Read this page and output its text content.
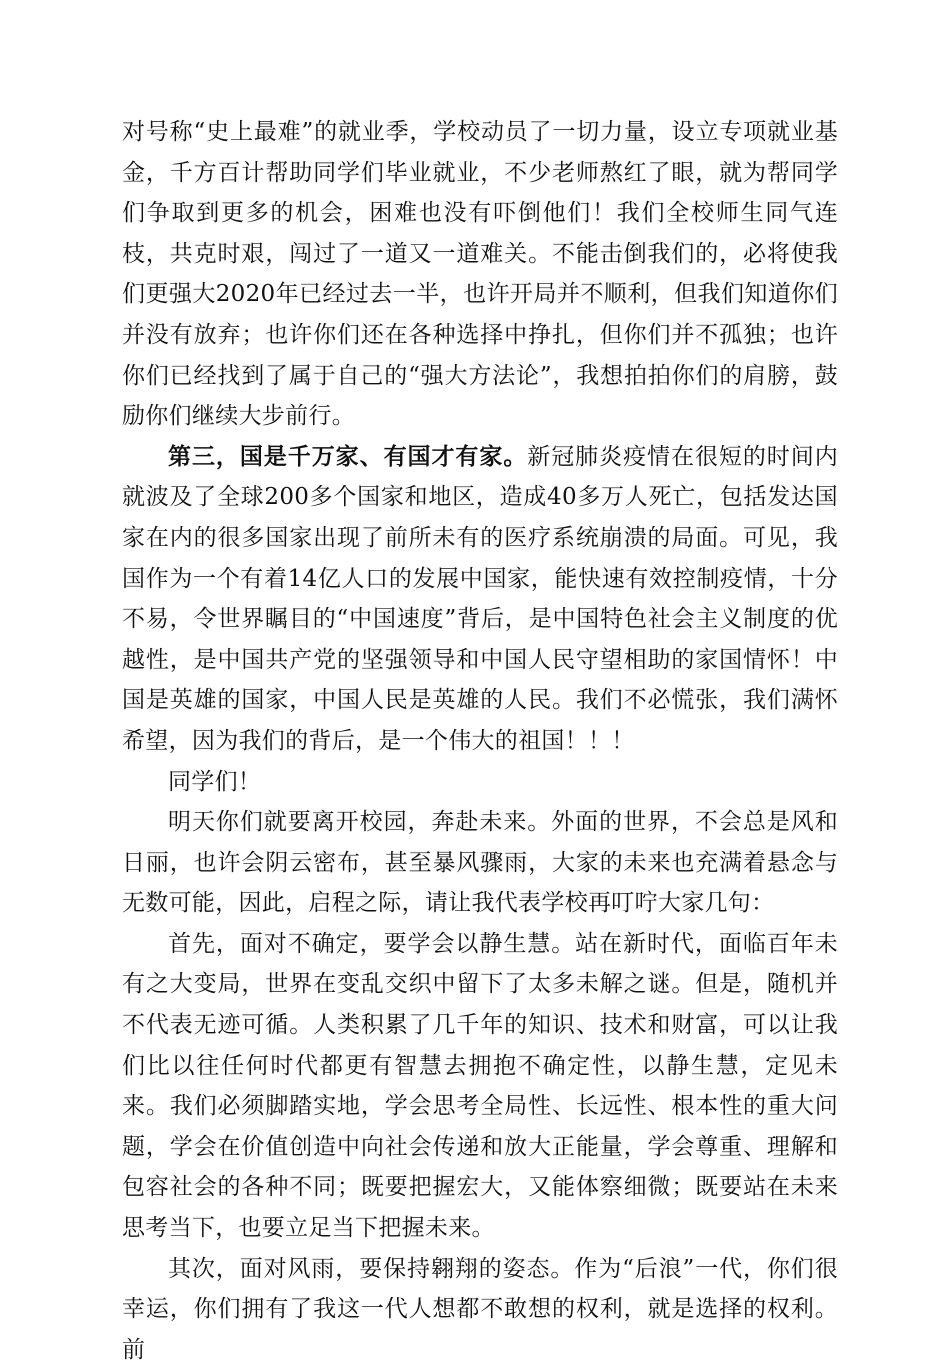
对号称“史上最难”的就业季，学校动员了一切力量，设立专项就业基金，千方百计帮助同学们毕业就业，不少老师熬红了眼，就为帮同学们争取到更多的机会，困难也没有吓倒他们！我们全校师生同气连枝，共克时艰，闯过了一道又一道难关。不能击倒我们的，必将使我们更强大2020年已经过去一半，也许开局并不顺利，但我们知道你们并没有放弃；也许你们还在各种选择中挣扎，但你们并不孤独；也许你们已经找到了属于自己的“强大方法论”，我想拍拍你们的肩膀，鼓励你们继续大步前行。

第三，国是千万家、有国才有家。新冠肺炎疫情在很短的时间内就波及了全球200多个国家和地区，造成40多万人死亡，包括发达国家在内的很多国家出现了前所未有的医疗系统崩溃的局面。可见，我国作为一个有着14亿人口的发展中国家，能快速有效控制疫情，十分不易，令世界瞩目的“中国速度”背后，是中国特色社会主义制度的优越性，是中国共产党的坚强领导和中国人民守望相助的家国情怀！中国是英雄的国家，中国人民是英雄的人民。我们不必慌张，我们满怀希望，因为我们的背后，是一个伟大的祖国！！！

同学们！

明天你们就要离开校园，奔赴未来。外面的世界，不会总是风和日丽，也许会阴云密布，甚至暴风骤雨，大家的未来也充满着悬念与无数可能，因此，启程之际，请让我代表学校再叮咛大家几句：

首先，面对不确定，要学会以静生慧。站在新时代，面临百年未有之大变局，世界在变乱交织中留下了太多未解之谜。但是，随机并不代表无迹可循。人类积累了几千年的知识、技术和财富，可以让我们比以往任何时代都更有智慧去拥抱不确定性，以静生慧，定见未来。我们必须脚踏实地，学会思考全局性、长远性、根本性的重大问题，学会在价值创造中向社会传递和放大正能量，学会尊重、理解和包容社会的各种不同；既要把握宏大，又能体察细微；既要站在未来思考当下，也要立足当下把握未来。

其次，面对风雨，要保持翱翔的姿态。作为“后浪”一代，你们很幸运，你们拥有了我这一代人想都不敢想的权利，就是选择的权利。前
